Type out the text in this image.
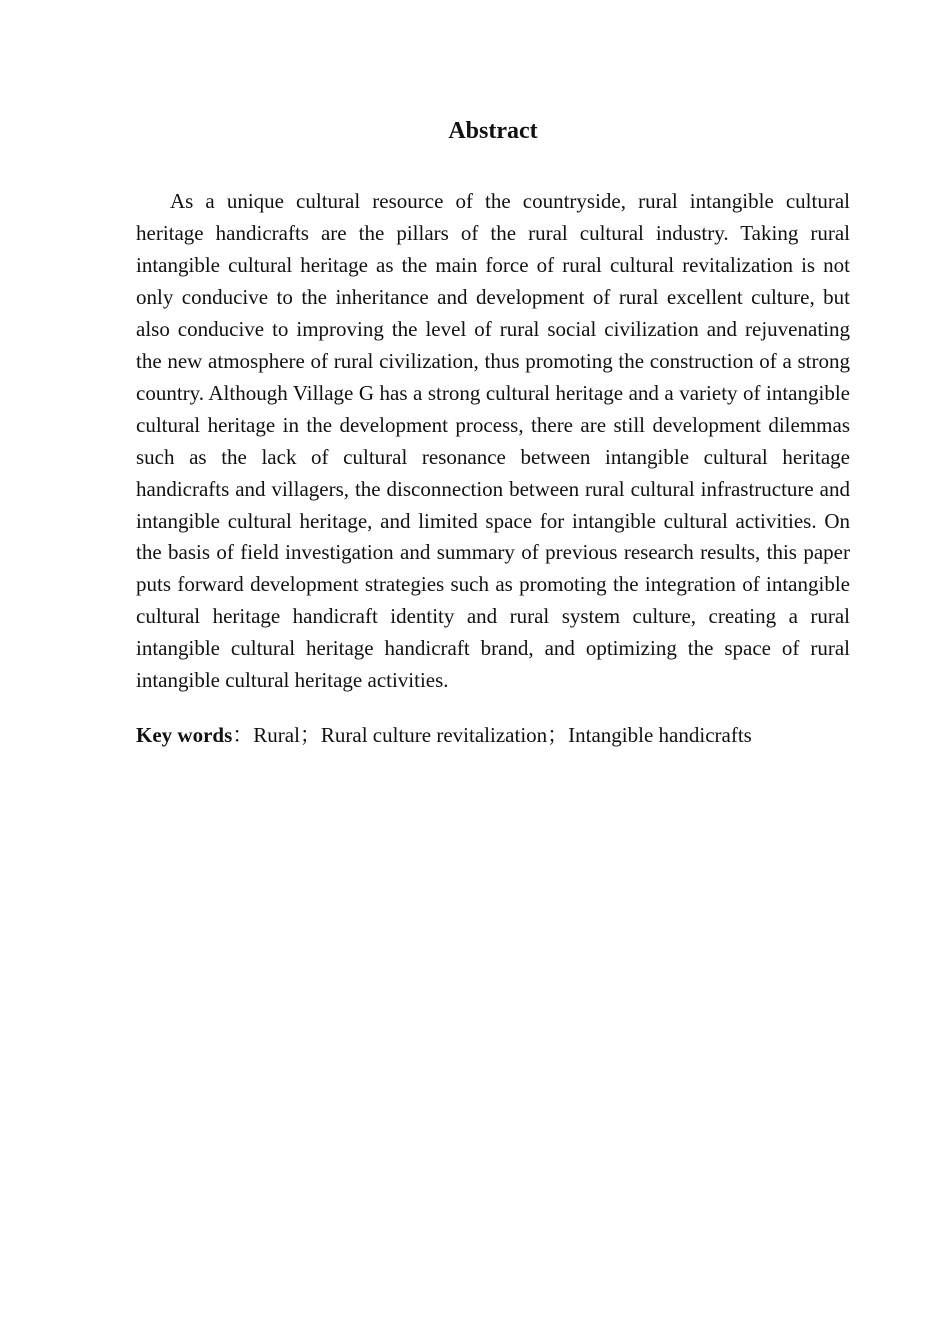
Abstract

As a unique cultural resource of the countryside, rural intangible cultural heritage handicrafts are the pillars of the rural cultural industry. Taking rural intangible cultural heritage as the main force of rural cultural revitalization is not only conducive to the inheritance and development of rural excellent culture, but also conducive to improving the level of rural social civilization and rejuvenating the new atmosphere of rural civilization, thus promoting the construction of a strong country. Although Village G has a strong cultural heritage and a variety of intangible cultural heritage in the development process, there are still development dilemmas such as the lack of cultural resonance between intangible cultural heritage handicrafts and villagers, the disconnection between rural cultural infrastructure and intangible cultural heritage, and limited space for intangible cultural activities. On the basis of field investigation and summary of previous research results, this paper puts forward development strategies such as promoting the integration of intangible cultural heritage handicraft identity and rural system culture, creating a rural intangible cultural heritage handicraft brand, and optimizing the space of rural intangible cultural heritage activities.

Key words：Rural；Rural culture revitalization；Intangible handicrafts
